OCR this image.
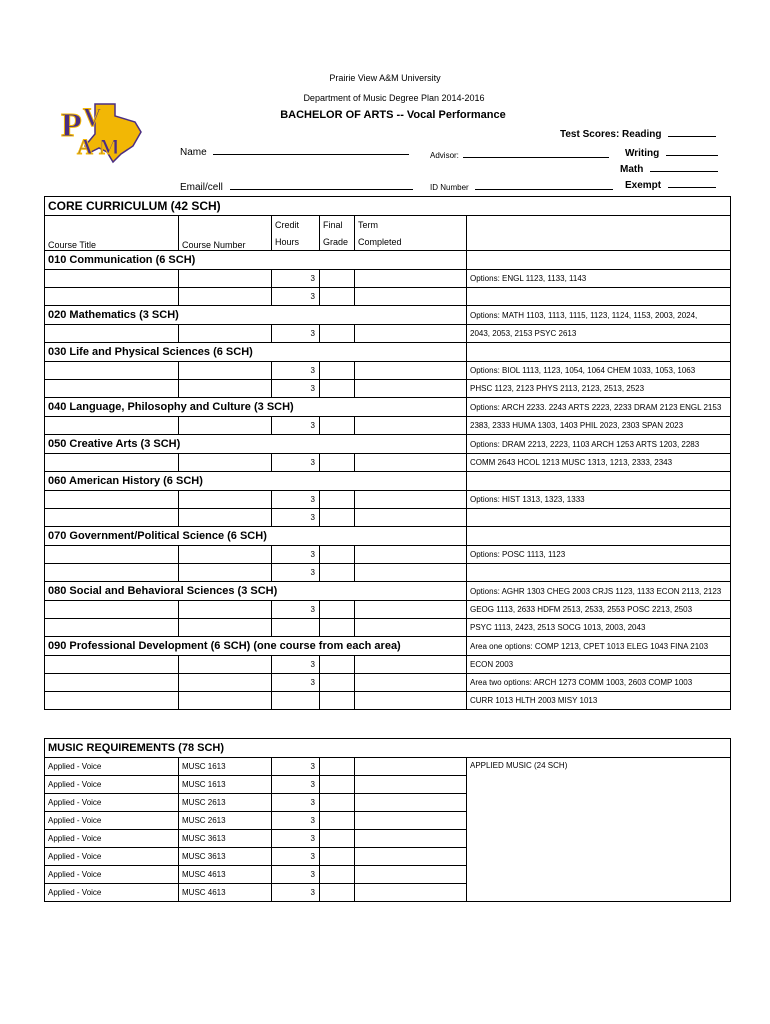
Prairie View A&M University
Department of Music Degree Plan 2014-2016
BACHELOR OF ARTS -- Vocal Performance
P V
A M	Name
Email/cell
Advisor:
ID Number
Test Scores: Reading
Writing
Math
Exempt
CORE CURRICULUM (42 SCH)					
Course Title	Course Number	Credit	Final	Term	
		Hours	Grade	Completed	
010 Communication (6 SCH)					
		3			Options: ENGL 1123, 1133, 1143
		3			
020 Mathematics (3 SCH)					Options: MATH 1103, 1113, 1115, 1123, 1124, 1153, 2003, 2024,
		3			2043, 2053, 2153 PSYC 2613
030 Life and Physical Sciences (6 SCH)					
		3			Options: BIOL 1113, 1123, 1054, 1064 CHEM 1033, 1053, 1063
		3			PHSC 1123, 2123 PHYS 2113, 2123, 2513, 2523
040 Language, Philosophy and Culture (3 SCH)					Options: ARCH 2233. 2243 ARTS 2223, 2233 DRAM 2123 ENGL 2153
		3			2383, 2333 HUMA 1303, 1403 PHIL 2023, 2303 SPAN 2023
050 Creative Arts (3 SCH)					Options: DRAM 2213, 2223, 1103 ARCH 1253 ARTS 1203, 2283
		3			COMM 2643 HCOL 1213 MUSC 1313, 1213, 2333, 2343
060 American History (6 SCH)					
		3			Options: HIST 1313, 1323, 1333
		3			
070 Government/Political Science (6 SCH)					
		3			Options: POSC 1113, 1123
		3			
080 Social and Behavioral Sciences (3 SCH)					Options: AGHR 1303 CHEG 2003 CRJS 1123, 1133 ECON 2113, 2123
		3			GEOG 1113, 2633 HDFM 2513, 2533, 2553 POSC 2213, 2503
					PSYC 1113, 2423, 2513 SOCG 1013, 2003, 2043
090 Professional Development (6 SCH) (one course from each area)					Area one options: COMP 1213, CPET 1013 ELEG 1043 FINA 2103
		3			ECON 2003
		3			Area two options: ARCH 1273 COMM 1003, 2603 COMP 1003
					CURR 1013 HLTH 2003 MISY 1013
MUSIC REQUIREMENTS (78 SCH)					
Applied - Voice	MUSC 1613	3			APPLIED MUSIC (24 SCH)
Applied - Voice	MUSC 1613	3			
Applied - Voice	MUSC 2613	3			
Applied - Voice	MUSC 2613	3			
Applied - Voice	MUSC 3613	3			
Applied - Voice	MUSC 3613	3			
Applied - Voice	MUSC 4613	3			
Applied - Voice	MUSC 4613	3			
